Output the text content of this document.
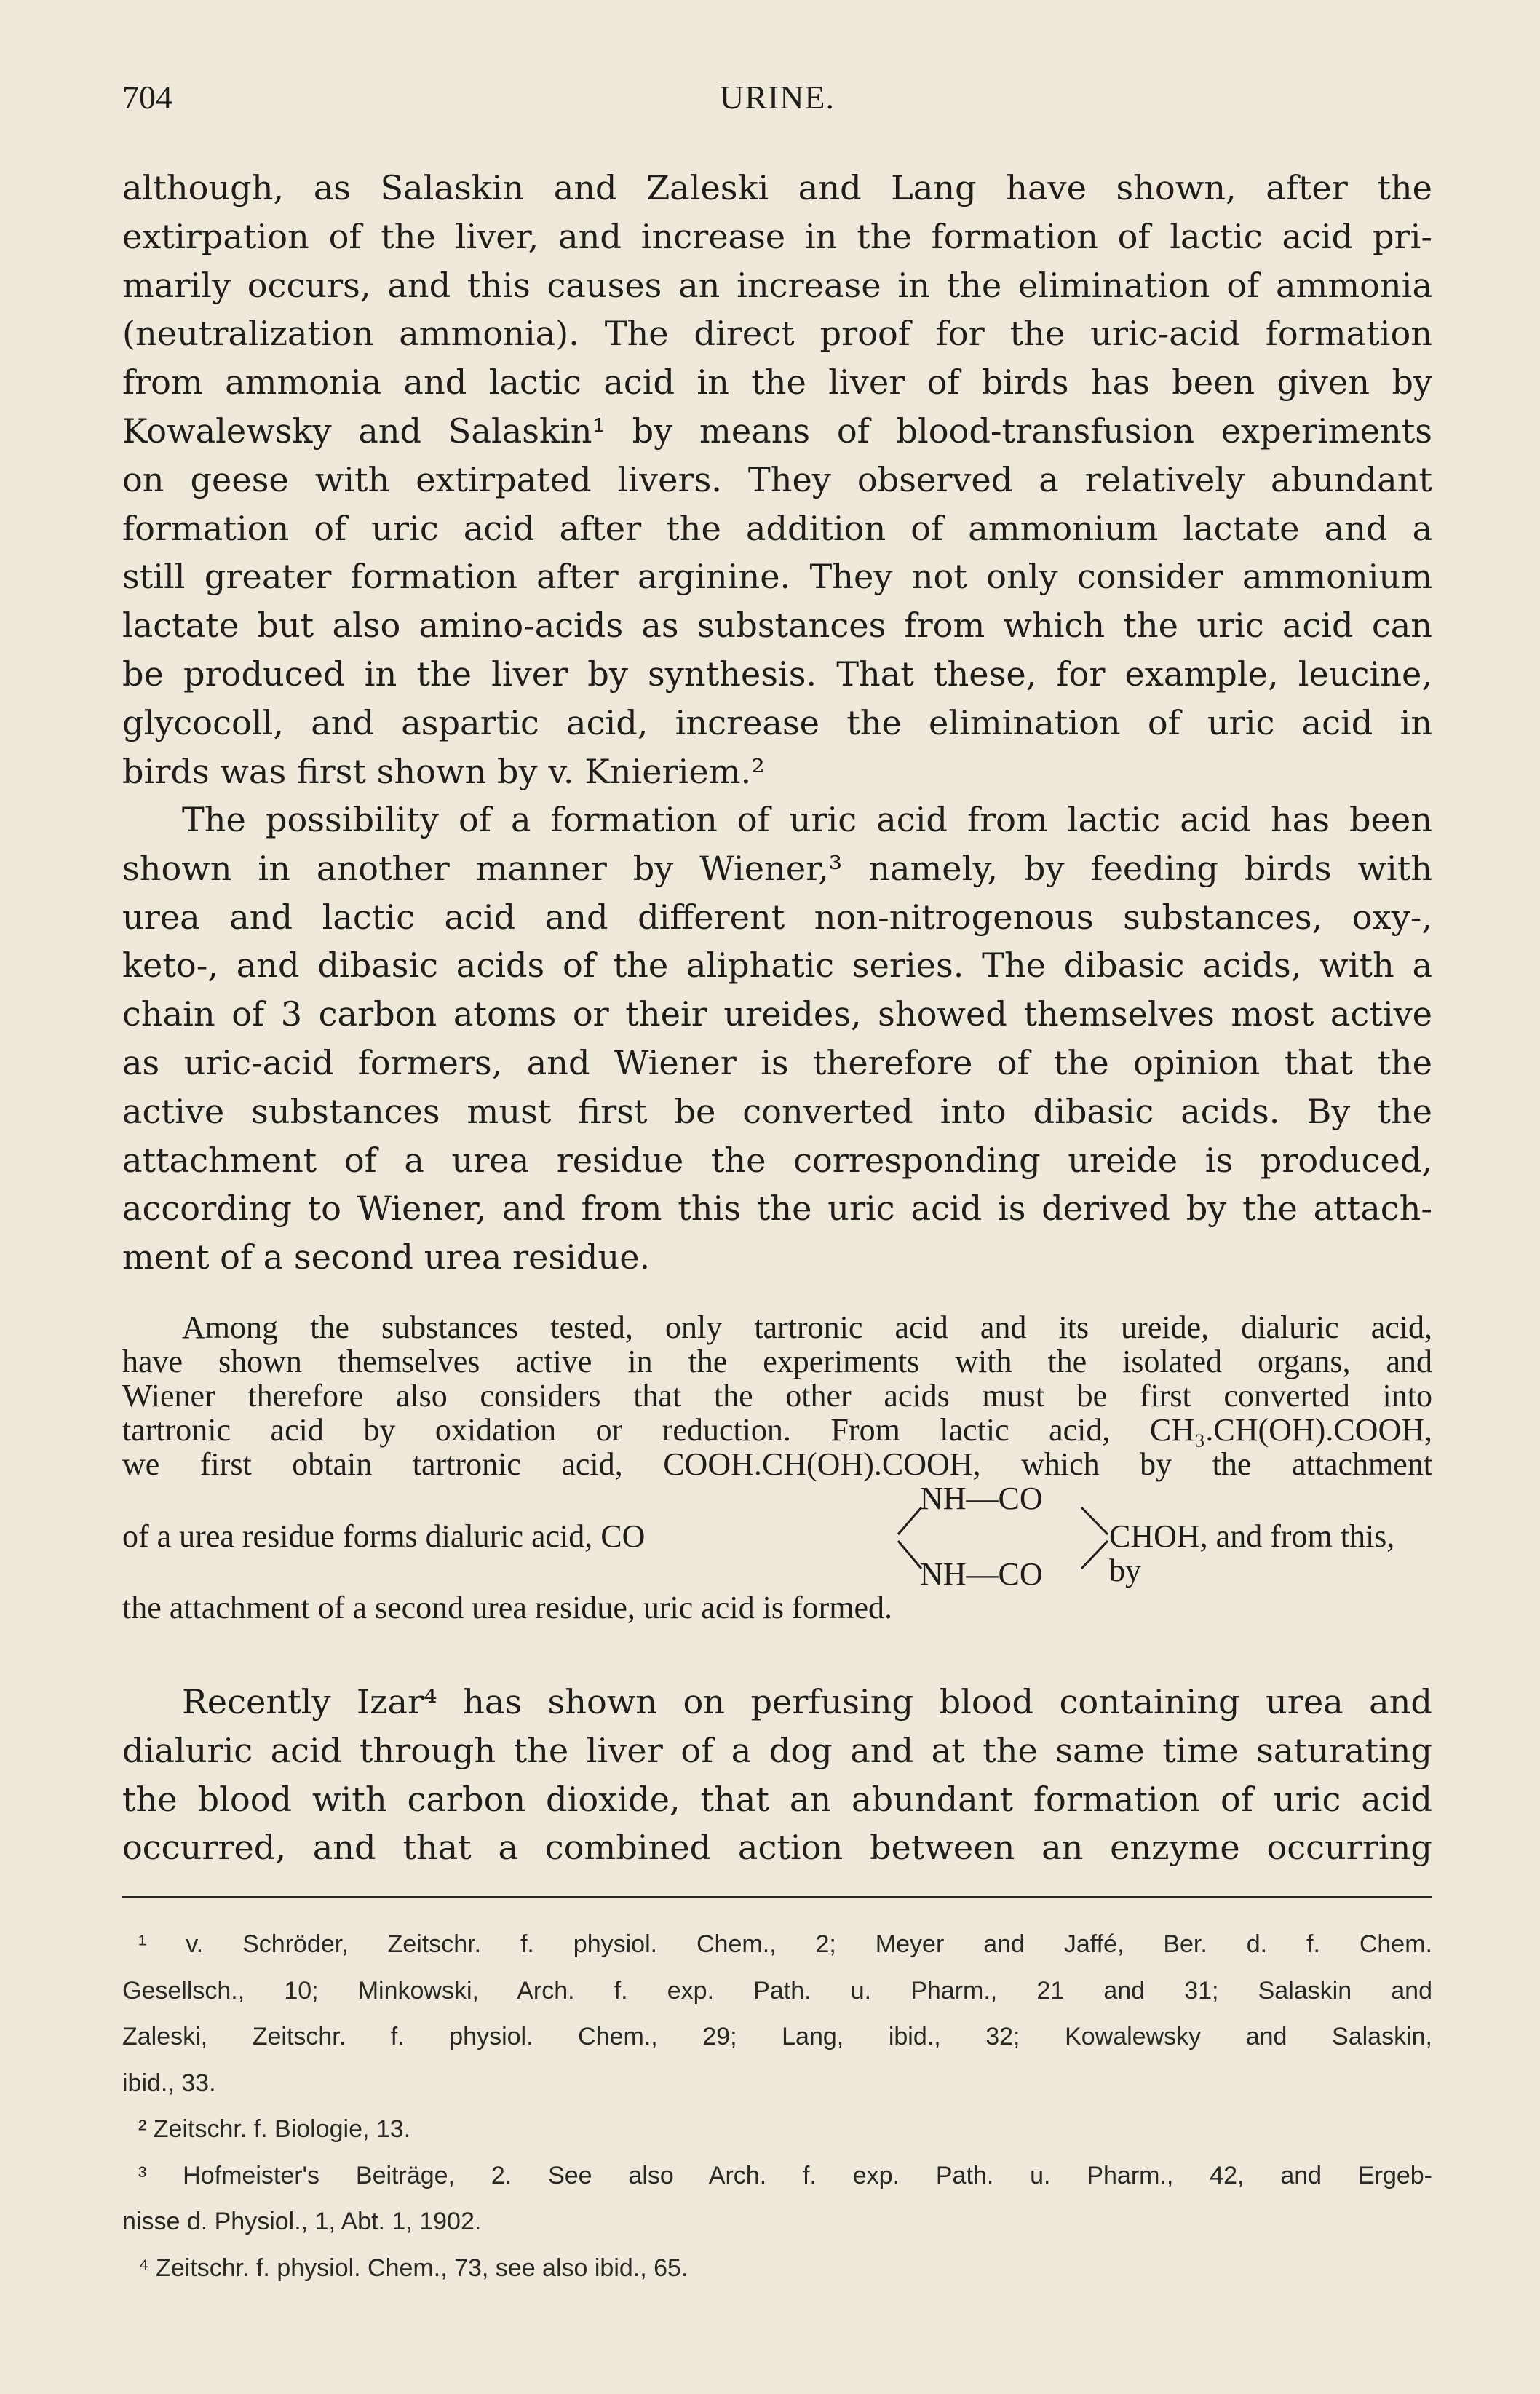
704	URINE.
although, as Salaskin and Zaleski and Lang have shown, after the
extirpation of the liver, and increase in the formation of lactic acid pri-
marily occurs, and this causes an increase in the elimination of ammonia
(neutralization ammonia). The direct proof for the uric-acid formation
from ammonia and lactic acid in the liver of birds has been given by
Kowalewsky and Salaskin¹ by means of blood-transfusion experiments
on geese with extirpated livers. They observed a relatively abundant
formation of uric acid after the addition of ammonium lactate and a
still greater formation after arginine. They not only consider ammonium
lactate but also amino-acids as substances from which the uric acid can
be produced in the liver by synthesis. That these, for example, leucine,
glycocoll, and aspartic acid, increase the elimination of uric acid in
birds was first shown by v. Knieriem.²
The possibility of a formation of uric acid from lactic acid has been
shown in another manner by Wiener,³ namely, by feeding birds with
urea and lactic acid and different non-nitrogenous substances, oxy-,
keto-, and dibasic acids of the aliphatic series. The dibasic acids, with a
chain of 3 carbon atoms or their ureides, showed themselves most active
as uric-acid formers, and Wiener is therefore of the opinion that the
active substances must first be converted into dibasic acids. By the
attachment of a urea residue the corresponding ureide is produced,
according to Wiener, and from this the uric acid is derived by the attach-
ment of a second urea residue.
Among the substances tested, only tartronic acid and its ureide, dialuric acid,
have shown themselves active in the experiments with the isolated organs, and
Wiener therefore also considers that the other acids must be first converted into
tartronic acid by oxidation or reduction. From lactic acid, CH₃.CH(OH).COOH,
we first obtain tartronic acid, COOH.CH(OH).COOH, which by the attachment
NH—CO
of a urea residue forms dialuric acid, CO	CHOH, and from this, by
NH—CO
the attachment of a second urea residue, uric acid is formed.
Recently Izar⁴ has shown on perfusing blood containing urea and
dialuric acid through the liver of a dog and at the same time saturating
the blood with carbon dioxide, that an abundant formation of uric acid
occurred, and that a combined action between an enzyme occurring
¹ v. Schröder, Zeitschr. f. physiol. Chem., 2; Meyer and Jaffé, Ber. d. f. Chem.
Gesellsch., 10; Minkowski, Arch. f. exp. Path. u. Pharm., 21 and 31; Salaskin and
Zaleski, Zeitschr. f. physiol. Chem., 29; Lang, ibid., 32; Kowalewsky and Salaskin,
ibid., 33.
² Zeitschr. f. Biologie, 13.
³ Hofmeister's Beiträge, 2. See also Arch. f. exp. Path. u. Pharm., 42, and Ergeb-
nisse d. Physiol., 1, Abt. 1, 1902.
⁴ Zeitschr. f. physiol. Chem., 73, see also ibid., 65.
